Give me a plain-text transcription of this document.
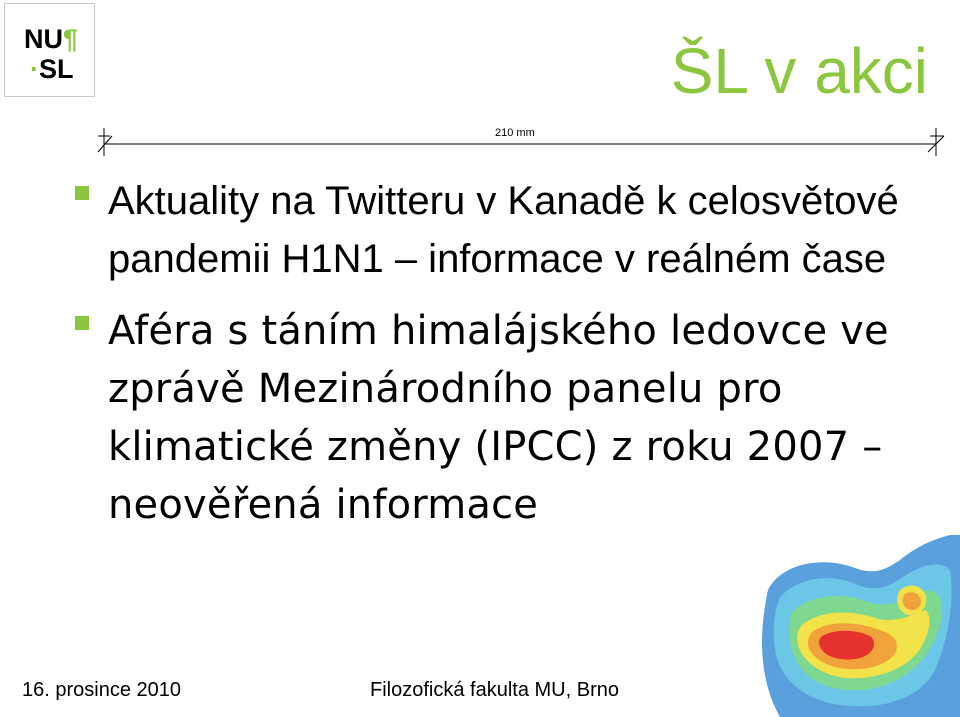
NU¶
·SL	ŠL v akci
210 mm
Aktuality na Twitteru v Kanadě k celosvětové pandemii H1N1 – informace v reálném čase
Aféra s táním himalájského ledovce ve zprávě Mezinárodního panelu pro klimatické změny (IPCC) z roku 2007 – neověřená informace
16. prosince 2010	Filozofická fakulta MU, Brno
